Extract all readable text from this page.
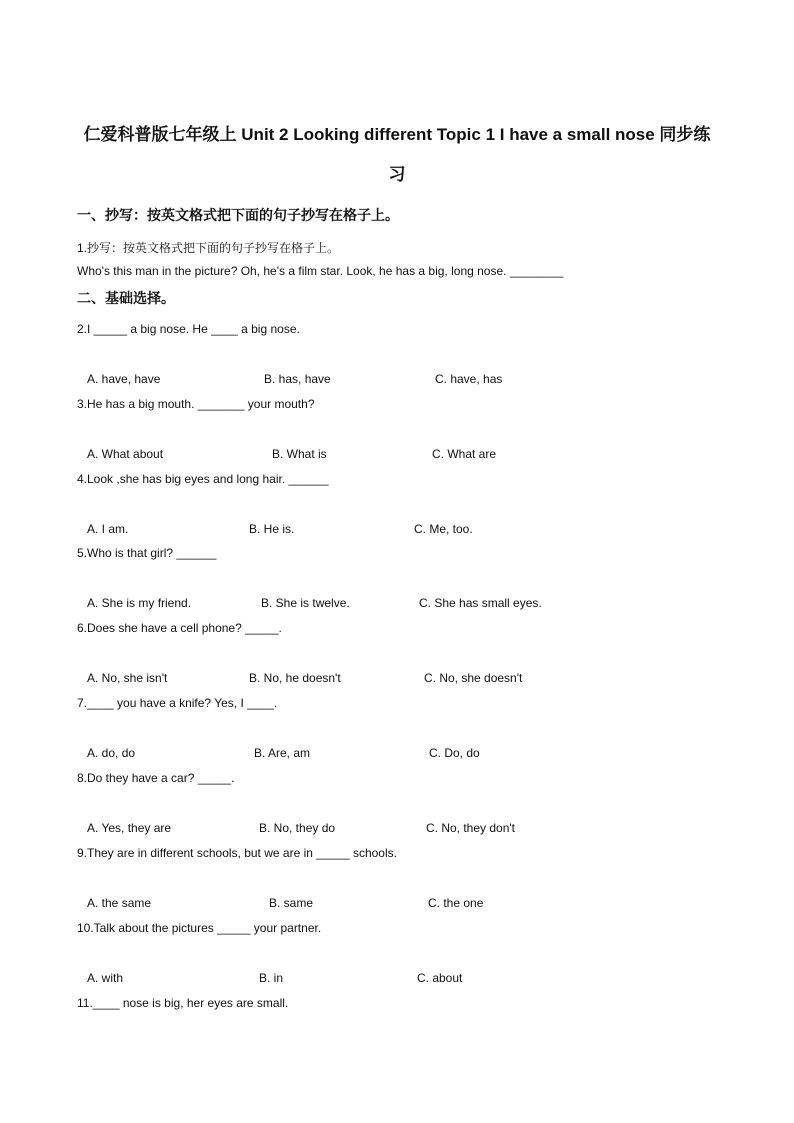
仁爱科普版七年级上 Unit 2 Looking different Topic 1 I have a small nose 同步练
习
一、抄写：按英文格式把下面的句子抄写在格子上。
1.抄写：按英文格式把下面的句子抄写在格子上。
Who's this man in the picture? Oh, he's a film star. Look, he has a big, long nose. ________
二、基础选择。
2.I _____ a big nose. He ____ a big nose.
A. have, have	B. has, have	C. have, has
3.He has a big mouth. _______ your mouth?
A. What about	B. What is	C. What are
4.Look ,she has big eyes and long hair. ______
A. I am.	B. He is.	C. Me, too.
5.Who is that girl? ______
A. She is my friend.	B. She is twelve.	C. She has small eyes.
6.Does she have a cell phone? _____.
A. No, she isn't	B. No, he doesn't	C. No, she doesn't
7.____ you have a knife? Yes, I ____.
A. do, do	B. Are, am	C. Do, do
8.Do they have a car? _____.
A. Yes, they are	B. No, they do	C. No, they don't
9.They are in different schools, but we are in _____ schools.
A. the same	B. same	C. the one
10.Talk about the pictures _____ your partner.
A. with	B. in	C. about
11.____ nose is big, her eyes are small.
